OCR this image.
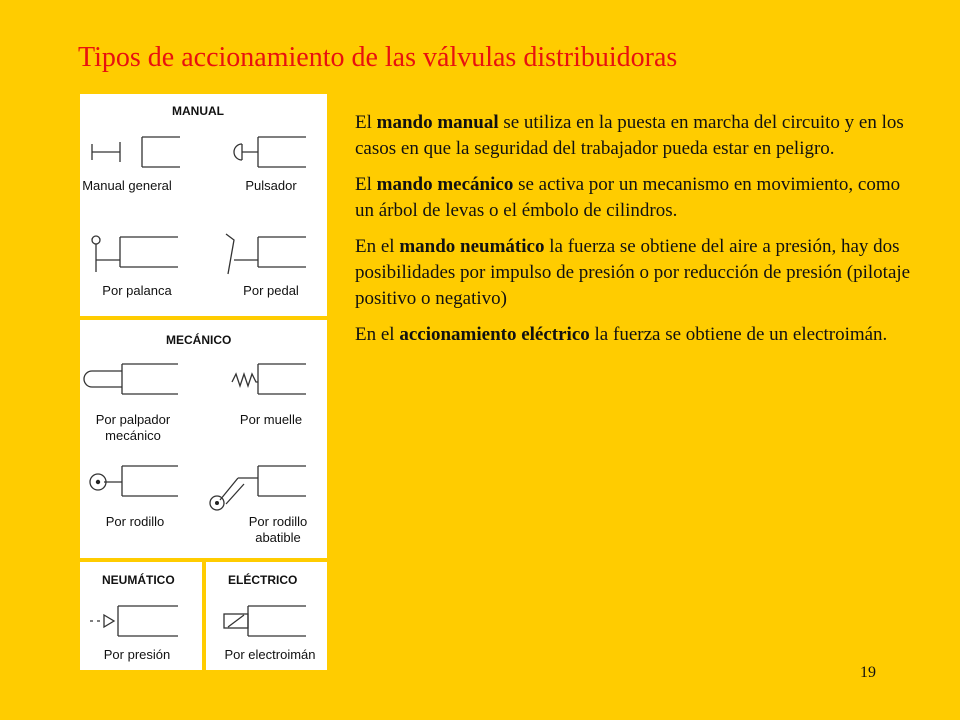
Tipos de accionamiento de las válvulas distribuidoras
MANUAL
MECÁNICO
NEUMÁTICO	ELÉCTRICO
Manual general	Pulsador
Por palanca	Por pedal
Por palpador mecánico
Por muelle
Por rodillo	Por rodillo abatible
Por presión	Por electroimán

El mando manual se utiliza en la puesta en marcha del circuito y en los casos en que la seguridad del trabajador pueda estar en peligro.

El mando mecánico se activa por un mecanismo en movimiento, como un árbol de levas o el émbolo de cilindros.

En el mando neumático la fuerza se obtiene del aire a presión, hay dos posibilidades por impulso de presión o por reducción de presión (pilotaje positivo o negativo)

En el accionamiento eléctrico la fuerza se obtiene de un electroimán.

19
